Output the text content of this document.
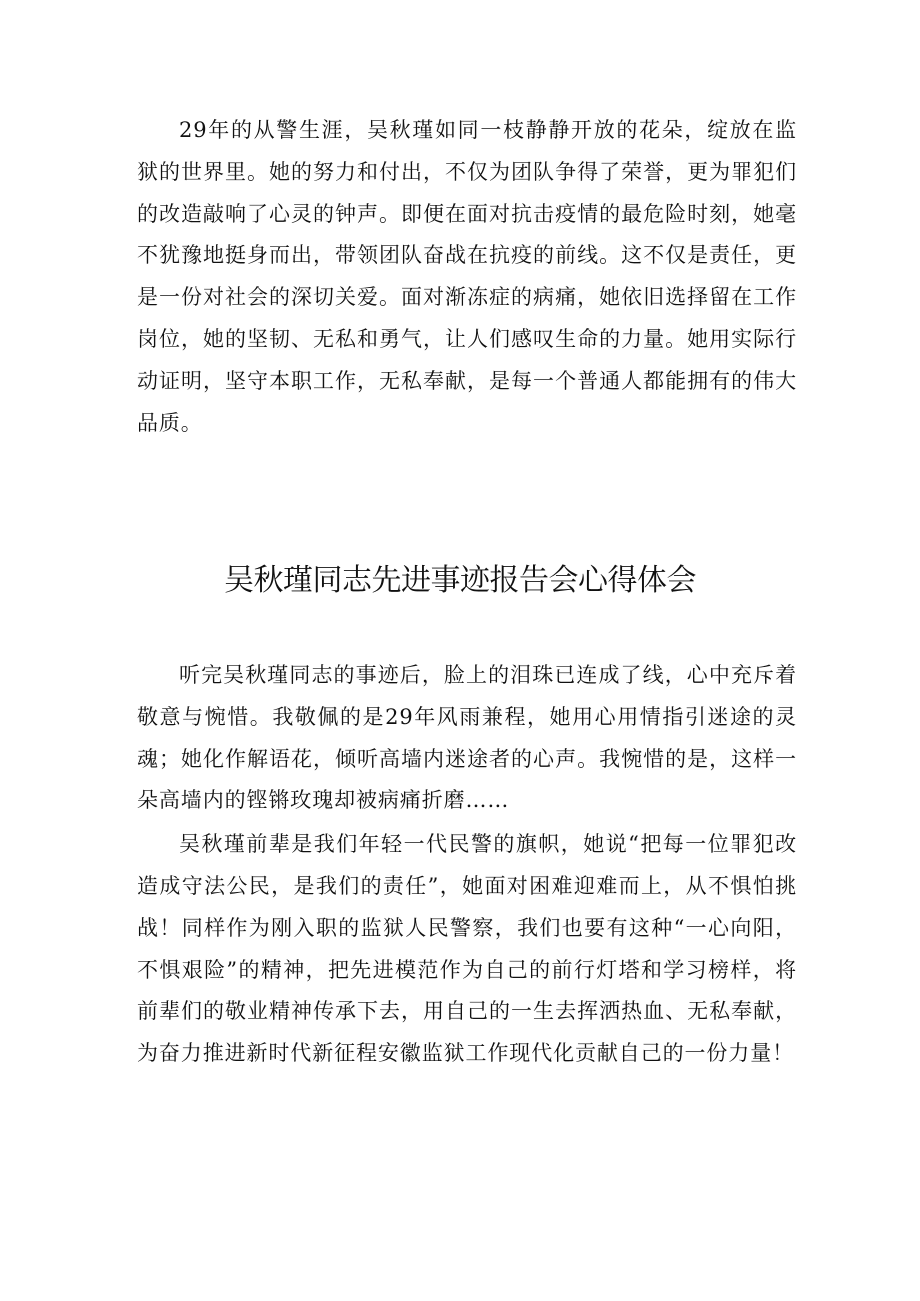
29年的从警生涯，吴秋瑾如同一枝静静开放的花朵，绽放在监狱的世界里。她的努力和付出，不仅为团队争得了荣誉，更为罪犯们的改造敲响了心灵的钟声。即便在面对抗击疫情的最危险时刻，她毫不犹豫地挺身而出，带领团队奋战在抗疫的前线。这不仅是责任，更是一份对社会的深切关爱。面对渐冻症的病痛，她依旧选择留在工作岗位，她的坚韧、无私和勇气，让人们感叹生命的力量。她用实际行动证明，坚守本职工作，无私奉献，是每一个普通人都能拥有的伟大品质。

吴秋瑾同志先进事迹报告会心得体会

听完吴秋瑾同志的事迹后，脸上的泪珠已连成了线，心中充斥着敬意与惋惜。我敬佩的是29年风雨兼程，她用心用情指引迷途的灵魂；她化作解语花，倾听高墙内迷途者的心声。我惋惜的是，这样一朵高墙内的铿锵玫瑰却被病痛折磨……

吴秋瑾前辈是我们年轻一代民警的旗帜，她说“把每一位罪犯改造成守法公民，是我们的责任”，她面对困难迎难而上，从不惧怕挑战！同样作为刚入职的监狱人民警察，我们也要有这种“一心向阳，不惧艰险”的精神，把先进模范作为自己的前行灯塔和学习榜样，将前辈们的敬业精神传承下去，用自己的一生去挥洒热血、无私奉献，为奋力推进新时代新征程安徽监狱工作现代化贡献自己的一份力量！
